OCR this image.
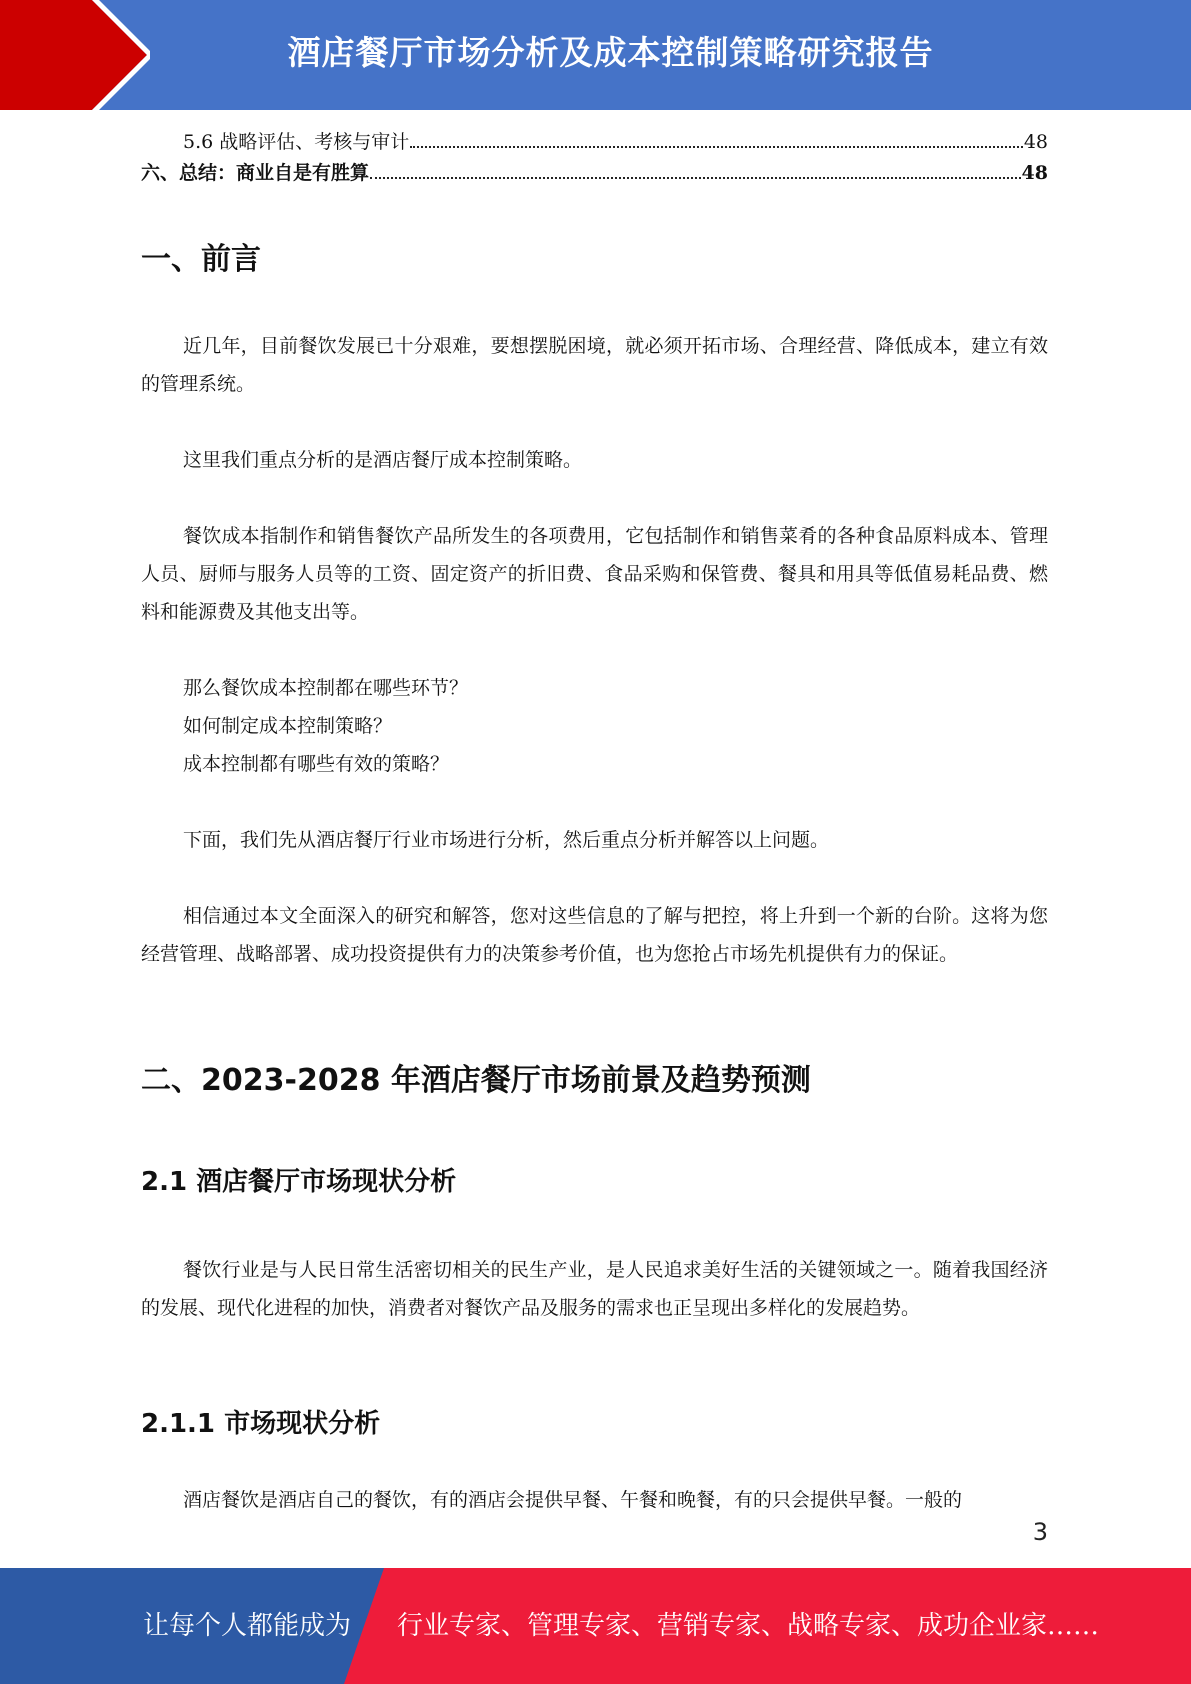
酒店餐厅市场分析及成本控制策略研究报告
5.6 战略评估、考核与审计	48
六、总结：商业自是有胜算	48
一、前言
近几年，目前餐饮发展已十分艰难，要想摆脱困境，就必须开拓市场、合理经营、降低成本，建立有效的管理系统。
这里我们重点分析的是酒店餐厅成本控制策略。
餐饮成本指制作和销售餐饮产品所发生的各项费用，它包括制作和销售菜肴的各种食品原料成本、管理人员、厨师与服务人员等的工资、固定资产的折旧费、食品采购和保管费、餐具和用具等低值易耗品费、燃料和能源费及其他支出等。
那么餐饮成本控制都在哪些环节？
如何制定成本控制策略？
成本控制都有哪些有效的策略？
下面，我们先从酒店餐厅行业市场进行分析，然后重点分析并解答以上问题。
相信通过本文全面深入的研究和解答，您对这些信息的了解与把控，将上升到一个新的台阶。这将为您经营管理、战略部署、成功投资提供有力的决策参考价值，也为您抢占市场先机提供有力的保证。
二、2023-2028 年酒店餐厅市场前景及趋势预测
2.1 酒店餐厅市场现状分析
餐饮行业是与人民日常生活密切相关的民生产业，是人民追求美好生活的关键领域之一。随着我国经济的发展、现代化进程的加快，消费者对餐饮产品及服务的需求也正呈现出多样化的发展趋势。
2.1.1 市场现状分析
酒店餐饮是酒店自己的餐饮，有的酒店会提供早餐、午餐和晚餐，有的只会提供早餐。一般的
3
让每个人都能成为 行业专家、管理专家、营销专家、战略专家、成功企业家……
